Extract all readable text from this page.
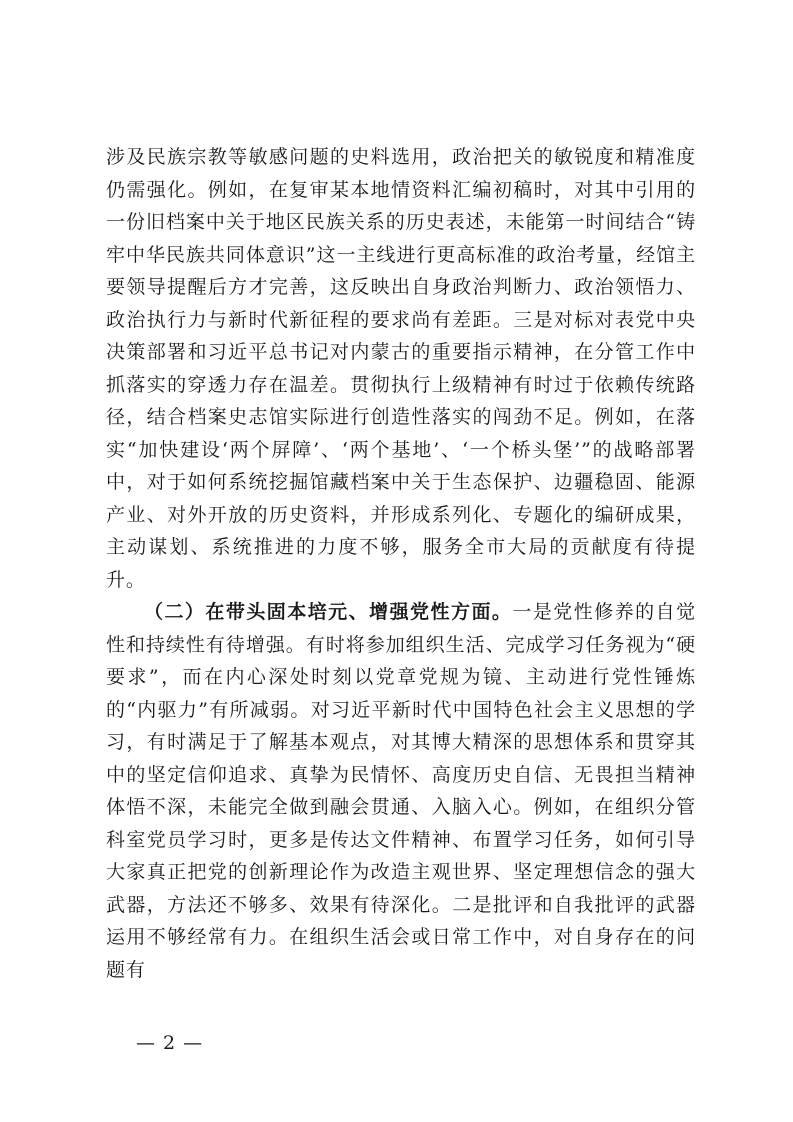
涉及民族宗教等敏感问题的史料选用，政治把关的敏锐度和精准度仍需强化。例如，在复审某本地情资料汇编初稿时，对其中引用的一份旧档案中关于地区民族关系的历史表述，未能第一时间结合“铸牢中华民族共同体意识”这一主线进行更高标准的政治考量，经馆主要领导提醒后方才完善，这反映出自身政治判断力、政治领悟力、政治执行力与新时代新征程的要求尚有差距。三是对标对表党中央决策部署和习近平总书记对内蒙古的重要指示精神，在分管工作中抓落实的穿透力存在温差。贯彻执行上级精神有时过于依赖传统路径，结合档案史志馆实际进行创造性落实的闯劲不足。例如，在落实“加快建设‘两个屏障’、‘两个基地’、‘一个桥头堡’”的战略部署中，对于如何系统挖掘馆藏档案中关于生态保护、边疆稳固、能源产业、对外开放的历史资料，并形成系列化、专题化的编研成果，主动谋划、系统推进的力度不够，服务全市大局的贡献度有待提升。

（二）在带头固本培元、增强党性方面。一是党性修养的自觉性和持续性有待增强。有时将参加组织生活、完成学习任务视为“硬要求”，而在内心深处时刻以党章党规为镜、主动进行党性锤炼的“内驱力”有所减弱。对习近平新时代中国特色社会主义思想的学习，有时满足于了解基本观点，对其博大精深的思想体系和贯穿其中的坚定信仰追求、真挚为民情怀、高度历史自信、无畏担当精神体悟不深，未能完全做到融会贯通、入脑入心。例如，在组织分管科室党员学习时，更多是传达文件精神、布置学习任务，如何引导大家真正把党的创新理论作为改造主观世界、坚定理想信念的强大武器，方法还不够多、效果有待深化。二是批评和自我批评的武器运用不够经常有力。在组织生活会或日常工作中，对自身存在的问题有

— 2 —
